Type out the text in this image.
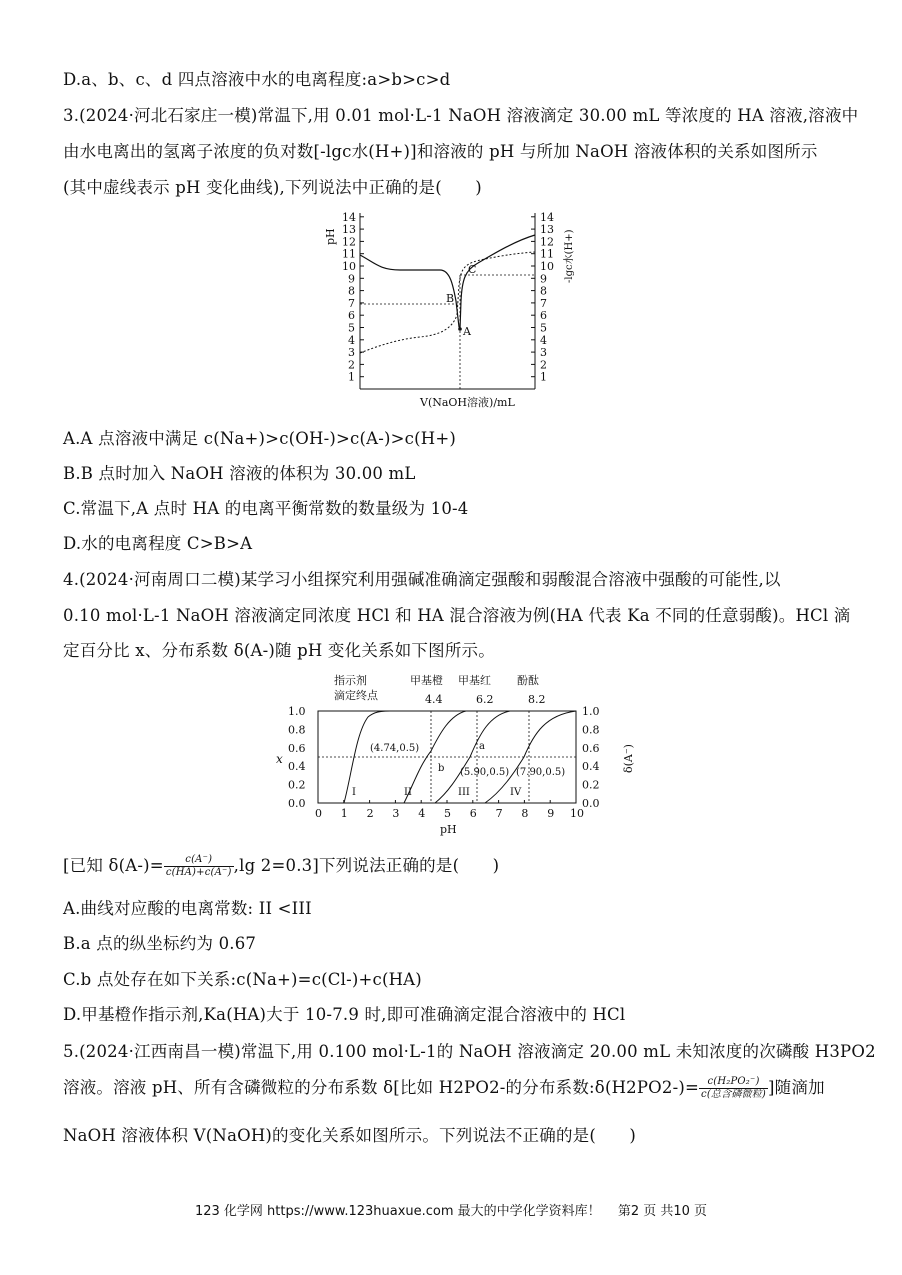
D.a、b、c、d 四点溶液中水的电离程度:a>b>c>d
3.(2024·河北石家庄一模)常温下,用 0.01 mol·L-1 NaOH 溶液滴定 30.00 mL 等浓度的 HA 溶液,溶液中
由水电离出的氢离子浓度的负对数[-lgc水(H+)]和溶液的 pH 与所加 NaOH 溶液体积的关系如图所示
(其中虚线表示 pH 变化曲线),下列说法中正确的是(　　)
1	1
2	2
3	3
4	4
5	5
6	6
7	7
8	8
9	9
10	10
11	11
12	12
13	13
14	14
A
B
C
pH	-lgc水(H+)
V(NaOH溶液)/mL
A.A 点溶液中满足 c(Na+)>c(OH-)>c(A-)>c(H+)
B.B 点时加入 NaOH 溶液的体积为 30.00 mL
C.常温下,A 点时 HA 的电离平衡常数的数量级为 10-4
D.水的电离程度 C>B>A
4.(2024·河南周口二模)某学习小组探究利用强碱准确滴定强酸和弱酸混合溶液中强酸的可能性,以
0.10 mol·L-1 NaOH 溶液滴定同浓度 HCl 和 HA 混合溶液为例(HA 代表 Ka 不同的任意弱酸)。HCl 滴
定百分比 x、分布系数 δ(A-)随 pH 变化关系如下图所示。
指示剂
滴定终点
甲基橙 甲基红 酚酞
4.4	6.2	8.2
0.0	0.0
0.2	0.2
0.4	0.4
0.6	0.6
0.8	0.8
1.0	1.0
0 1 2 3 4 5 6 7 8 9 10
(4.74,0.5)
(5.90,0.5) (7.90,0.5)
a
b
I	II	III	IV
x	δ(A⁻)
pH
[已知 $\delta(A-)= \frac{c(A^-)}{c(HA)+c(A^-)} ,\lg$ 2=0.3]下列说法正确的是(　　)
A.曲线对应酸的电离常数: II <III
B.a 点的纵坐标约为 0.67
C.b 点处存在如下关系:c(Na+)=c(Cl-)+c(HA)
D.甲基橙作指示剂,Ka(HA)大于 10-7.9 时,即可准确滴定混合溶液中的 HCl
5.(2024·江西南昌一模)常温下,用 0.100 mol·L-1的 NaOH 溶液滴定 20.00 mL 未知浓度的次磷酸 H3PO2
溶液。溶液 pH、所有含磷微粒的分布系数 δ[比如 H2PO2-的分布系数:δ(H2PO2-)= $\frac{\text{c(H₂PO₂⁻)}}{\text{c(总含磷微粒)}}$ ]随滴加
NaOH 溶液体积 V(NaOH)的变化关系如图所示。下列说法不正确的是(　　)
123 化学网 https://www.123huaxue.com 最大的中学化学资料库！　 第2 页 共10 页
